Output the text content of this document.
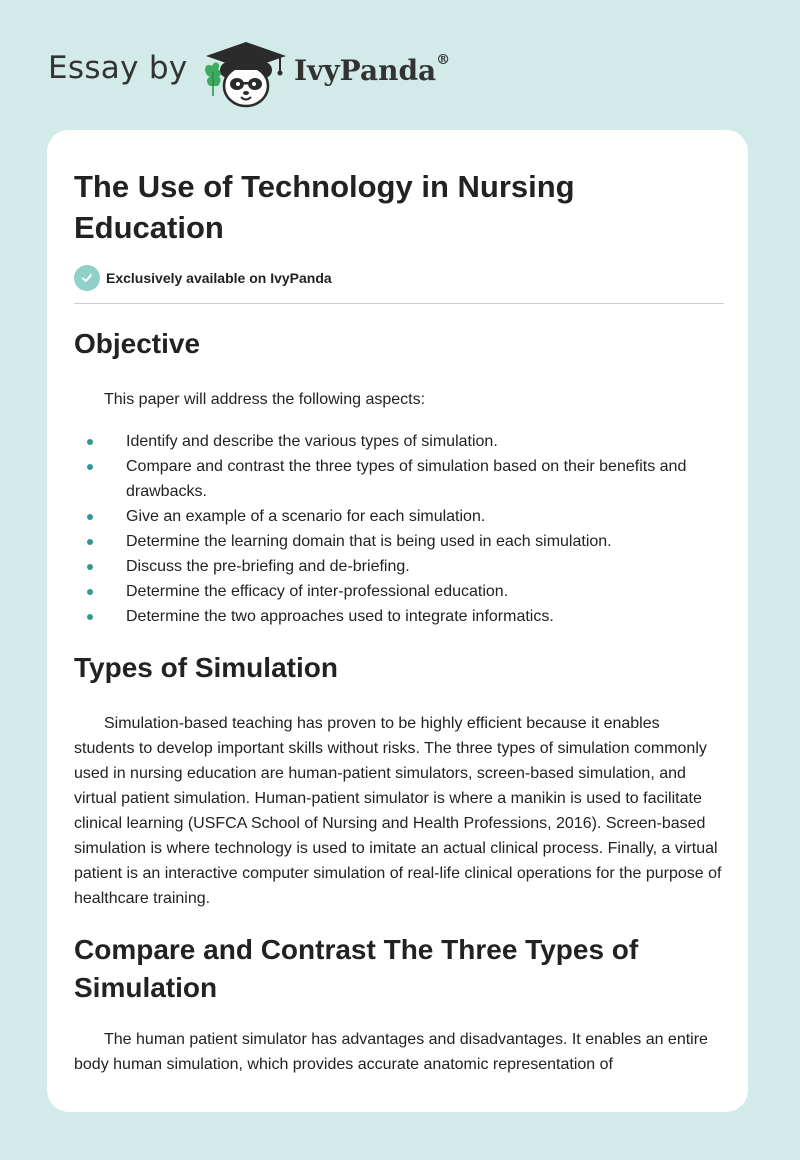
Essay by	IvyPanda®
The Use of Technology in Nursing Education
Exclusively available on IvyPanda
Objective

This paper will address the following aspects:

Identify and describe the various types of simulation.
Compare and contrast the three types of simulation based on their benefits and drawbacks.
Give an example of a scenario for each simulation.
Determine the learning domain that is being used in each simulation.
Discuss the pre-briefing and de-briefing.
Determine the efficacy of inter-professional education.
Determine the two approaches used to integrate informatics.
Types of Simulation

Simulation-based teaching has proven to be highly efficient because it enables students to develop important skills without risks. The three types of simulation commonly used in nursing education are human-patient simulators, screen-based simulation, and virtual patient simulation. Human-patient simulator is where a manikin is used to facilitate clinical learning (USFCA School of Nursing and Health Professions, 2016). Screen-based simulation is where technology is used to imitate an actual clinical process. Finally, a virtual patient is an interactive computer simulation of real-life clinical operations for the purpose of healthcare training.

Compare and Contrast The Three Types of Simulation

The human patient simulator has advantages and disadvantages. It enables an entire body human simulation, which provides accurate anatomic representation of
